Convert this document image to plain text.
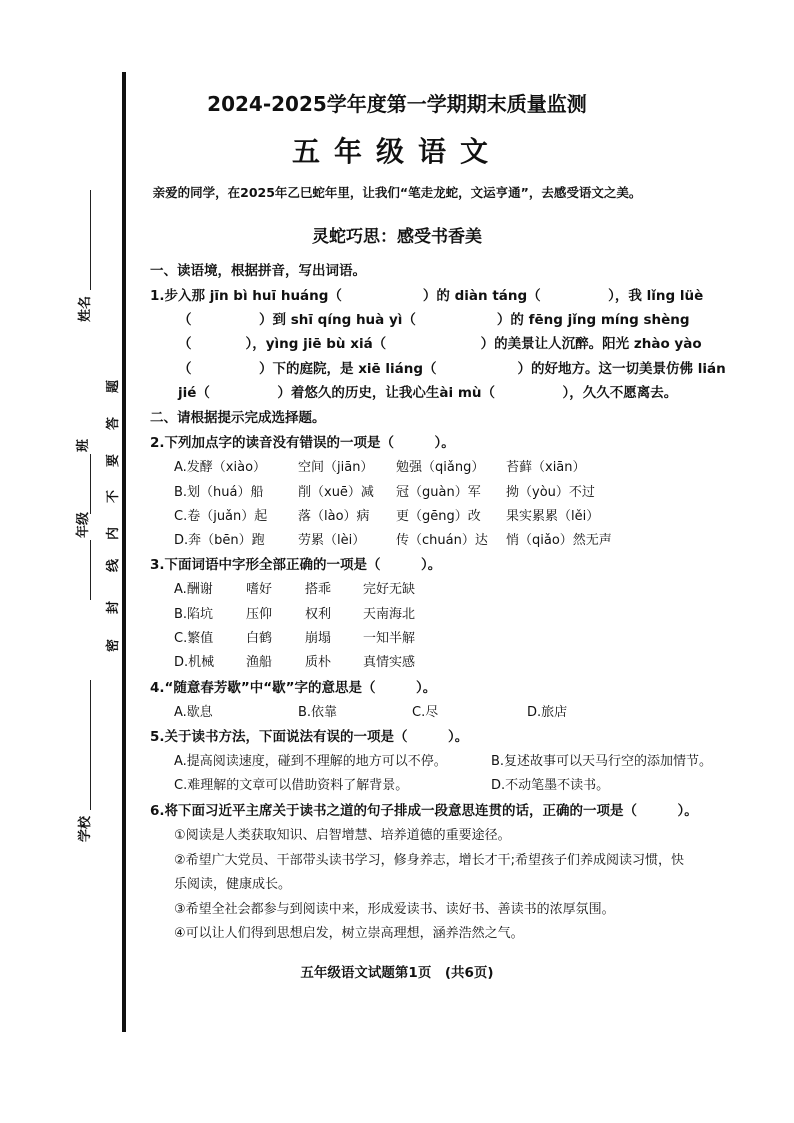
姓名
密
封
线
内
不
要
答
题
班
年级
学校
2024-2025学年度第一学期期末质量监测
五年级语文
亲爱的同学，在2025年乙巳蛇年里，让我们“笔走龙蛇，文运亨通”，去感受语文之美。
灵蛇巧思：感受书香美
一、读语境，根据拼音，写出词语。
1.步入那 jīn bì huī huáng（　　　　　　）的 diàn táng（　　　　　），我 lǐng lüè
（　　　　　）到 shī qíng huà yì（　　　　　　）的 fēng jǐng míng shèng
（　　　　），yìng jiē bù xiá（　　　　　　　）的美景让人沉醉。阳光 zhào yào
（　　　　　）下的庭院，是 xiē liáng（　　　　　　）的好地方。这一切美景仿佛 lián
jié（　　　　　）着悠久的历史，让我心生ài mù（　　　　　），久久不愿离去。
二、请根据提示完成选择题。
2.下列加点字的读音没有错误的一项是（　　　）。
A.发酵（xiào） 空间（jiān） 勉强（qiǎng） 苔藓（xiān）
B.划（huá）船	削（xuē）减 冠（guàn）军 拗（yòu）不过
C.卷（juǎn）起 落（lào）病 更（gēng）改 果实累累（lěi）
D.奔（bēn）跑	劳累（lèi） 传（chuán）达 悄（qiǎo）然无声
3.下面词语中字形全部正确的一项是（　　　）。
A.酬谢	嗜好	搭乖 完好无缺
B.陷坑	压仰	权利 天南海北
C.繁值	白鹤	崩塌 一知半解
D.机械 渔船	质朴 真情实感
4.“随意春芳歇”中“歇”字的意思是（　　　）。
A.歇息	B.依靠	C.尽	D.旅店
5.关于读书方法，下面说法有误的一项是（　　　）。
A.提高阅读速度，碰到不理解的地方可以不停。	B.复述故事可以天马行空的添加情节。
C.难理解的文章可以借助资料了解背景。	D.不动笔墨不读书。
6.将下面习近平主席关于读书之道的句子排成一段意思连贯的话，正确的一项是（　　　）。
①阅读是人类获取知识、启智增慧、培养道德的重要途径。
②希望广大党员、干部带头读书学习，修身养志，增长才干;希望孩子们养成阅读习惯，快
乐阅读，健康成长。
③希望全社会都参与到阅读中来，形成爱读书、读好书、善读书的浓厚氛围。
④可以让人们得到思想启发，树立崇高理想，涵养浩然之气。
五年级语文试题第1页　(共6页)
